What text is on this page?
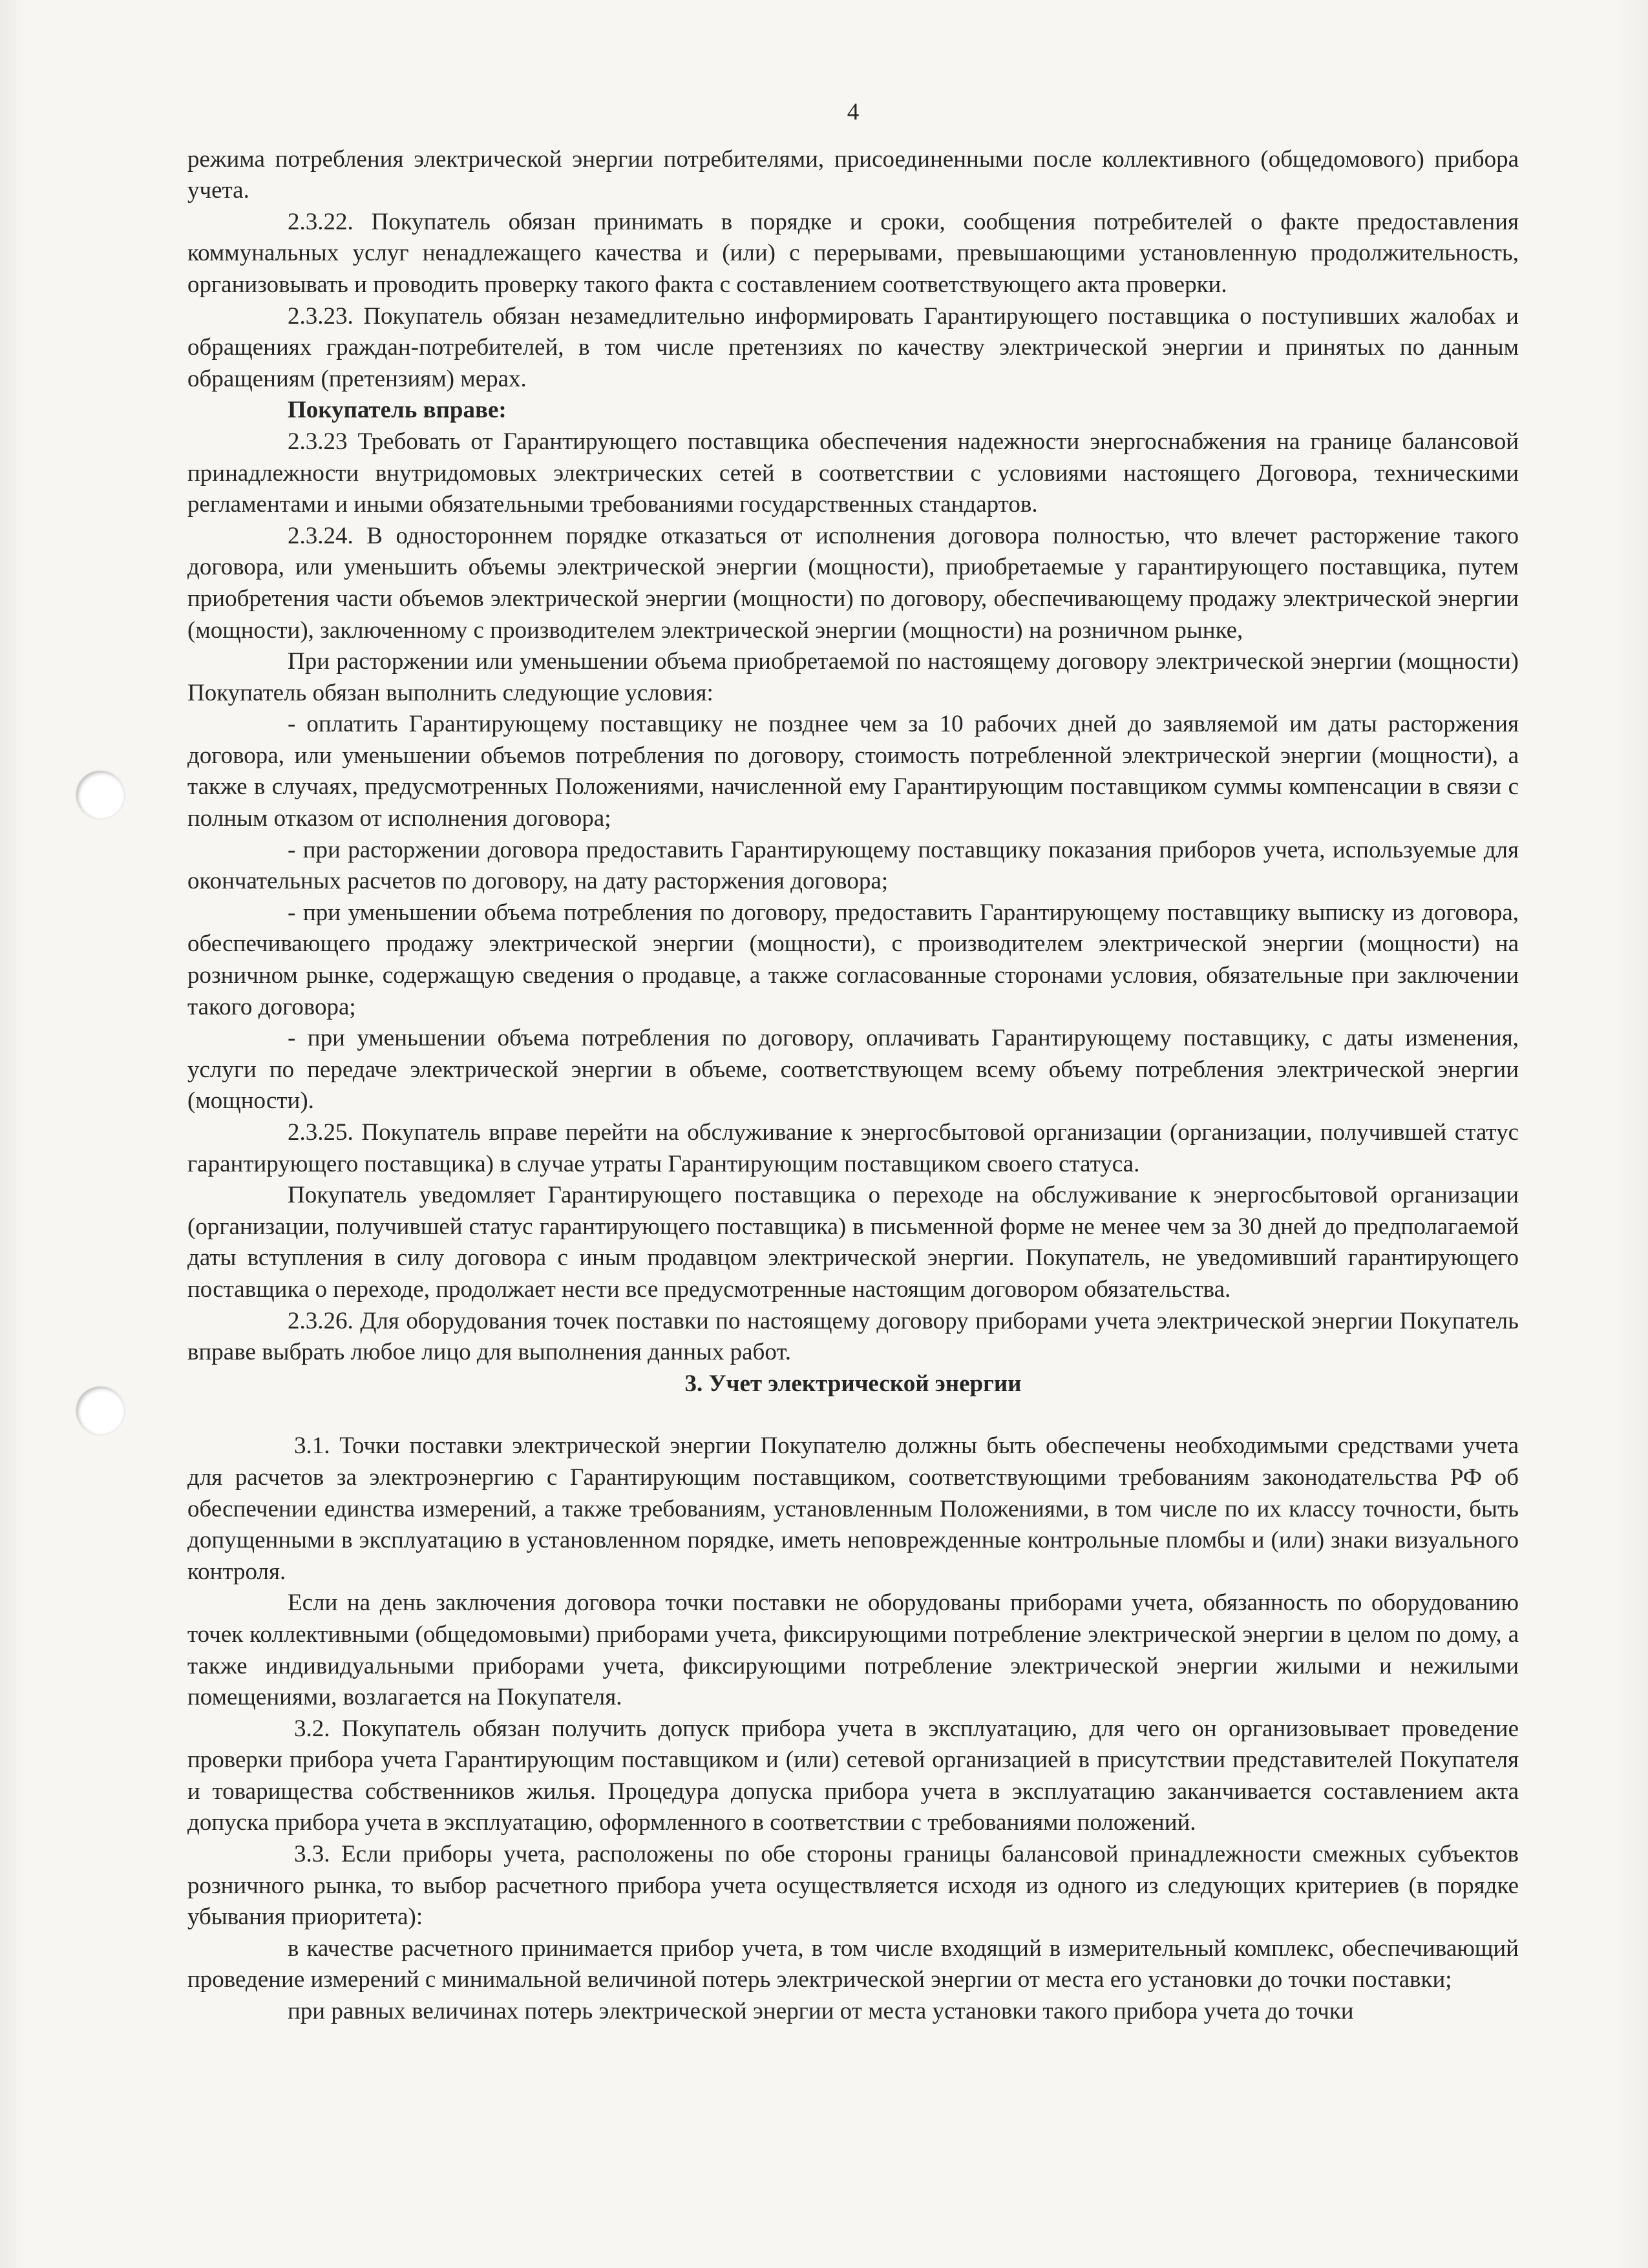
4

режима потребления электрической энергии потребителями, присоединенными после коллективного (общедомового) прибора учета.

2.3.22. Покупатель обязан принимать в порядке и сроки, сообщения потребителей о факте предоставления коммунальных услуг ненадлежащего качества и (или) с перерывами, превышающими установленную продолжительность, организовывать и проводить проверку такого факта с составлением соответствующего акта проверки.

2.3.23. Покупатель обязан незамедлительно информировать Гарантирующего поставщика о поступивших жалобах и обращениях граждан-потребителей, в том числе претензиях по качеству электрической энергии и принятых по данным обращениям (претензиям) мерах.

Покупатель вправе:

2.3.23 Требовать от Гарантирующего поставщика обеспечения надежности энергоснабжения на границе балансовой принадлежности внутридомовых электрических сетей в соответствии с условиями настоящего Договора, техническими регламентами и иными обязательными требованиями государственных стандартов.

2.3.24. В одностороннем порядке отказаться от исполнения договора полностью, что влечет расторжение такого договора, или уменьшить объемы электрической энергии (мощности), приобретаемые у гарантирующего поставщика, путем приобретения части объемов электрической энергии (мощности) по договору, обеспечивающему продажу электрической энергии (мощности), заключенному с производителем электрической энергии (мощности) на розничном рынке,

При расторжении или уменьшении объема приобретаемой по настоящему договору электрической энергии (мощности) Покупатель обязан выполнить следующие условия:

- оплатить Гарантирующему поставщику не позднее чем за 10 рабочих дней до заявляемой им даты расторжения договора, или уменьшении объемов потребления по договору, стоимость потребленной электрической энергии (мощности), а также в случаях, предусмотренных Положениями, начисленной ему Гарантирующим поставщиком суммы компенсации в связи с полным отказом от исполнения договора;

- при расторжении договора предоставить Гарантирующему поставщику показания приборов учета, используемые для окончательных расчетов по договору, на дату расторжения договора;

- при уменьшении объема потребления по договору, предоставить Гарантирующему поставщику выписку из договора, обеспечивающего продажу электрической энергии (мощности), с производителем электрической энергии (мощности) на розничном рынке, содержащую сведения о продавце, а также согласованные сторонами условия, обязательные при заключении такого договора;

- при уменьшении объема потребления по договору, оплачивать Гарантирующему поставщику, с даты изменения, услуги по передаче электрической энергии в объеме, соответствующем всему объему потребления электрической энергии (мощности).

2.3.25. Покупатель вправе перейти на обслуживание к энергосбытовой организации (организации, получившей статус гарантирующего поставщика) в случае утраты Гарантирующим поставщиком своего статуса.

Покупатель уведомляет Гарантирующего поставщика о переходе на обслуживание к энергосбытовой организации (организации, получившей статус гарантирующего поставщика) в письменной форме не менее чем за 30 дней до предполагаемой даты вступления в силу договора с иным продавцом электрической энергии. Покупатель, не уведомивший гарантирующего поставщика о переходе, продолжает нести все предусмотренные настоящим договором обязательства.

2.3.26. Для оборудования точек поставки по настоящему договору приборами учета электрической энергии Покупатель вправе выбрать любое лицо для выполнения данных работ.

3. Учет электрической энергии

3.1. Точки поставки электрической энергии Покупателю должны быть обеспечены необходимыми средствами учета для расчетов за электроэнергию с Гарантирующим поставщиком, соответствующими требованиям законодательства РФ об обеспечении единства измерений, а также требованиям, установленным Положениями, в том числе по их классу точности, быть допущенными в эксплуатацию в установленном порядке, иметь неповрежденные контрольные пломбы и (или) знаки визуального контроля.

Если на день заключения договора точки поставки не оборудованы приборами учета, обязанность по оборудованию точек коллективными (общедомовыми) приборами учета, фиксирующими потребление электрической энергии в целом по дому, а также индивидуальными приборами учета, фиксирующими потребление электрической энергии жилыми и нежилыми помещениями, возлагается на Покупателя.

3.2. Покупатель обязан получить допуск прибора учета в эксплуатацию, для чего он организовывает проведение проверки прибора учета Гарантирующим поставщиком и (или) сетевой организацией в присутствии представителей Покупателя и товарищества собственников жилья. Процедура допуска прибора учета в эксплуатацию заканчивается составлением акта допуска прибора учета в эксплуатацию, оформленного в соответствии с требованиями положений.

3.3. Если приборы учета, расположены по обе стороны границы балансовой принадлежности смежных субъектов розничного рынка, то выбор расчетного прибора учета осуществляется исходя из одного из следующих критериев (в порядке убывания приоритета):

в качестве расчетного принимается прибор учета, в том числе входящий в измерительный комплекс, обеспечивающий проведение измерений с минимальной величиной потерь электрической энергии от места его установки до точки поставки;

при равных величинах потерь электрической энергии от места установки такого прибора учета до точки
